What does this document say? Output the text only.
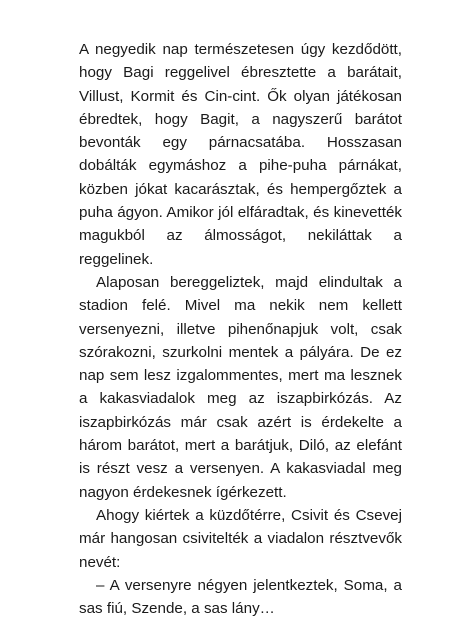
A negyedik nap természetesen úgy kezdődött, hogy Bagi reggelivel ébresztette a barátait, Villust, Kormit és Cin-cint. Ők olyan játékosan ébredtek, hogy Bagit, a nagyszerű barátot bevonták egy párnacsatába. Hosszasan dobálták egymáshoz a pihe-puha párnákat, közben jókat kacarásztak, és hempergőztek a puha ágyon. Amikor jól elfáradtak, és kinevették magukból az álmosságot, nekiláttak a reggelinek.

Alaposan bereggeliztek, majd elindultak a stadion felé. Mivel ma nekik nem kellett versenyezni, illetve pihenőnapjuk volt, csak szórakozni, szurkolni mentek a pályára. De ez nap sem lesz izgalommentes, mert ma lesznek a kakasviadalok meg az iszapbirkózás. Az iszapbirkózás már csak azért is érdekelte a három barátot, mert a barátjuk, Diló, az elefánt is részt vesz a versenyen. A kakasviadal meg nagyon érdekesnek ígérkezett.

Ahogy kiértek a küzdőtérre, Csivit és Csevej már hangosan csivitelték a viadalon résztvevők nevét:

– A versenyre négyen jelentkeztek, Soma, a sas fiú, Szende, a sas lány…
